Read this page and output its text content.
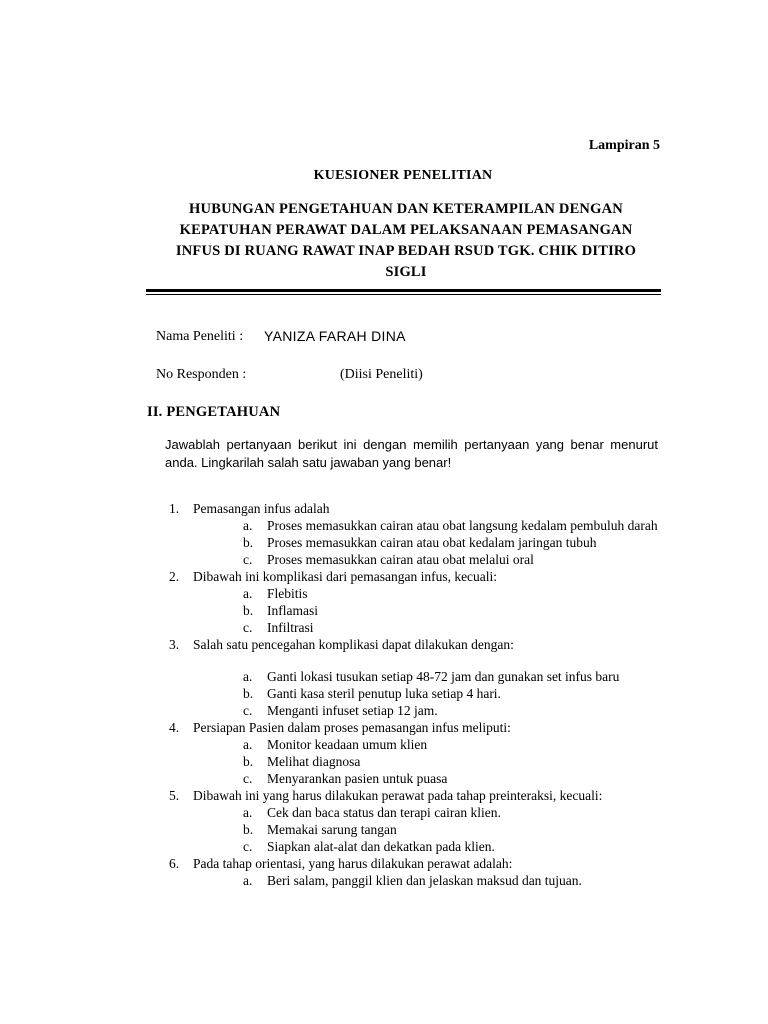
Lampiran 5
KUESIONER PENELITIAN
HUBUNGAN PENGETAHUAN DAN KETERAMPILAN DENGAN
KEPATUHAN PERAWAT DALAM PELAKSANAAN PEMASANGAN
INFUS DI RUANG RAWAT INAP BEDAH RSUD TGK. CHIK DITIRO
SIGLI
Nama Peneliti : YANIZA FARAH DINA
No Responden :	(Diisi Peneliti)
II. PENGETAHUAN
Jawablah pertanyaan berikut ini dengan memilih pertanyaan yang benar menurut anda. Lingkarilah salah satu jawaban yang benar!
1. Pemasangan infus adalah
a. Proses memasukkan cairan atau obat langsung kedalam pembuluh darah
b. Proses memasukkan cairan atau obat kedalam jaringan tubuh
c. Proses memasukkan cairan atau obat melalui oral
2. Dibawah ini komplikasi dari pemasangan infus, kecuali:
a. Flebitis
b. Inflamasi
c. Infiltrasi
3. Salah satu pencegahan komplikasi dapat dilakukan dengan:
a. Ganti lokasi tusukan setiap 48-72 jam dan gunakan set infus baru
b. Ganti kasa steril penutup luka setiap 4 hari.
c. Menganti infuset setiap 12 jam.
4. Persiapan Pasien dalam proses pemasangan infus meliputi:
a. Monitor keadaan umum klien
b. Melihat diagnosa
c. Menyarankan pasien untuk puasa
5. Dibawah ini yang harus dilakukan perawat pada tahap preinteraksi, kecuali:
a. Cek dan baca status dan terapi cairan klien.
b. Memakai sarung tangan
c. Siapkan alat-alat dan dekatkan pada klien.
6. Pada tahap orientasi, yang harus dilakukan perawat adalah:
a. Beri salam, panggil klien dan jelaskan maksud dan tujuan.
